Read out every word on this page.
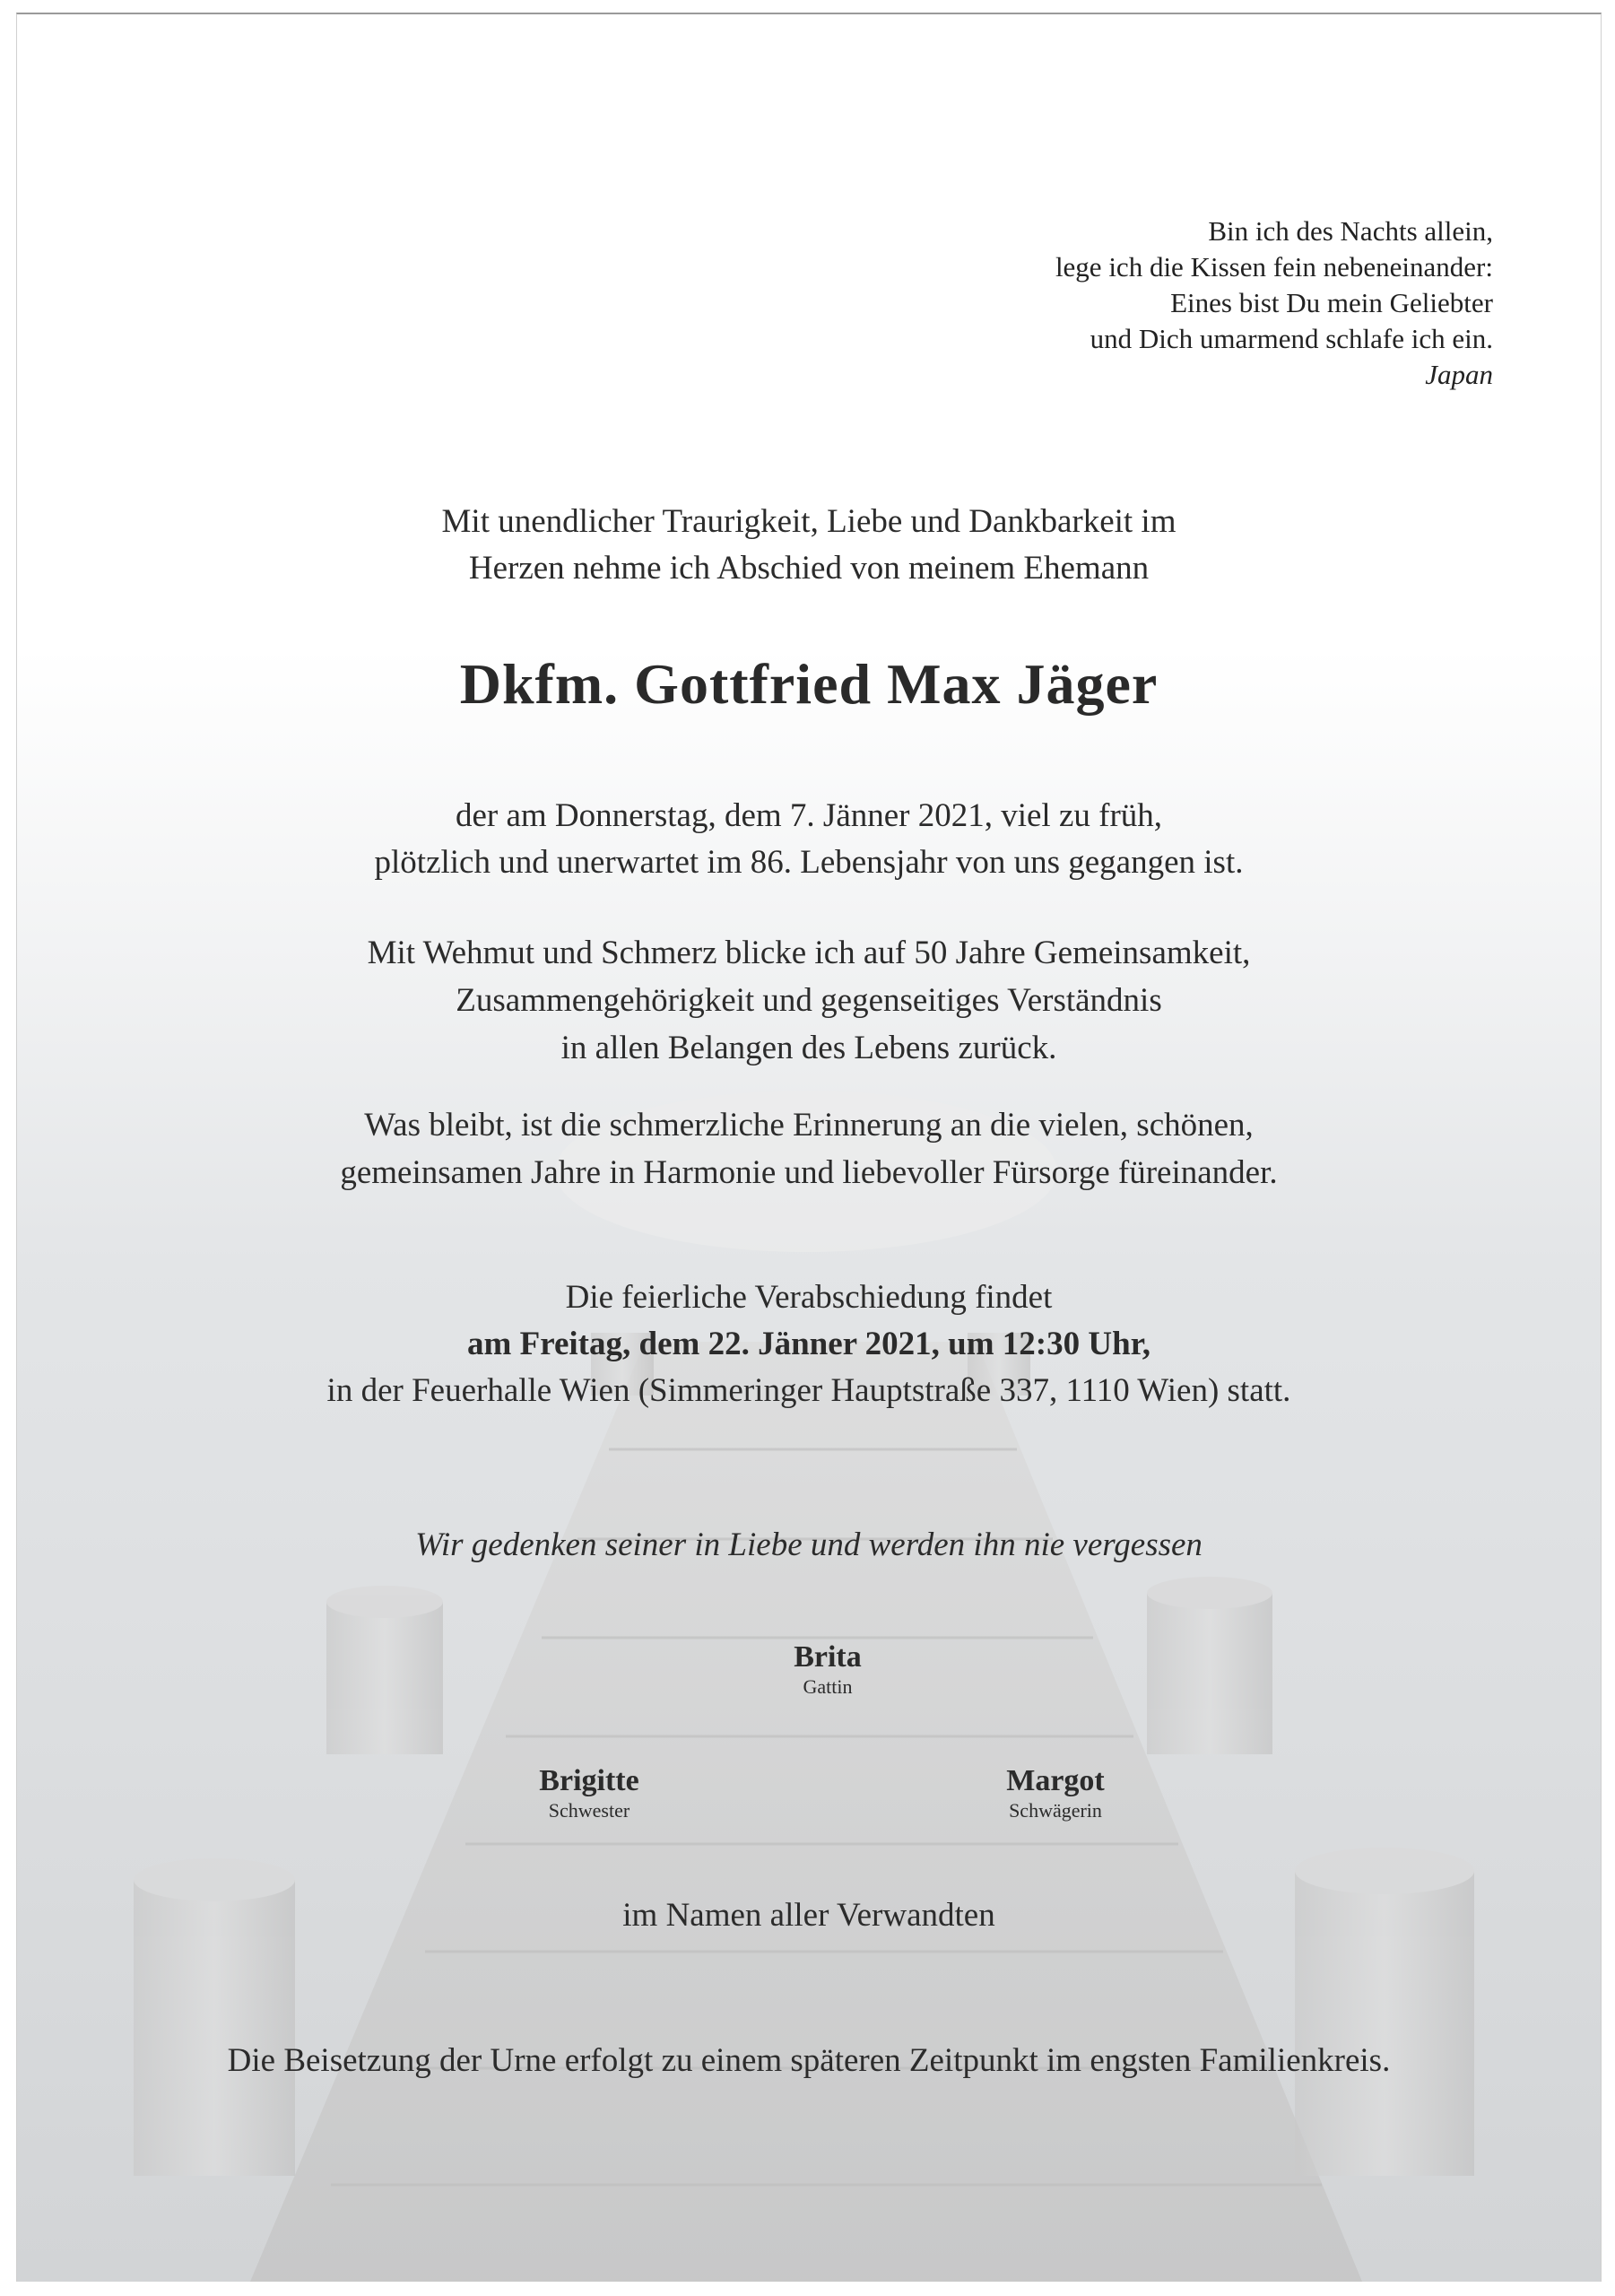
Bin ich des Nachts allein,
lege ich die Kissen fein nebeneinander:
Eines bist Du mein Geliebter
und Dich umarmend schlafe ich ein.
Japan
Mit unendlicher Traurigkeit, Liebe und Dankbarkeit im
Herzen nehme ich Abschied von meinem Ehemann
Dkfm. Gottfried Max Jäger
der am Donnerstag, dem 7. Jänner 2021, viel zu früh,
plötzlich und unerwartet im 86. Lebensjahr von uns gegangen ist.
Mit Wehmut und Schmerz blicke ich auf 50 Jahre Gemeinsamkeit,
Zusammengehörigkeit und gegenseitiges Verständnis
in allen Belangen des Lebens zurück.
Was bleibt, ist die schmerzliche Erinnerung an die vielen, schönen,
gemeinsamen Jahre in Harmonie und liebevoller Fürsorge füreinander.
Die feierliche Verabschiedung findet
am Freitag, dem 22. Jänner 2021, um 12:30 Uhr,
in der Feuerhalle Wien (Simmeringer Hauptstraße 337, 1110 Wien) statt.
Wir gedenken seiner in Liebe und werden ihn nie vergessen
Brita
Gattin
Brigitte
Schwester
Margot
Schwägerin
im Namen aller Verwandten
Die Beisetzung der Urne erfolgt zu einem späteren Zeitpunkt im engsten Familienkreis.
